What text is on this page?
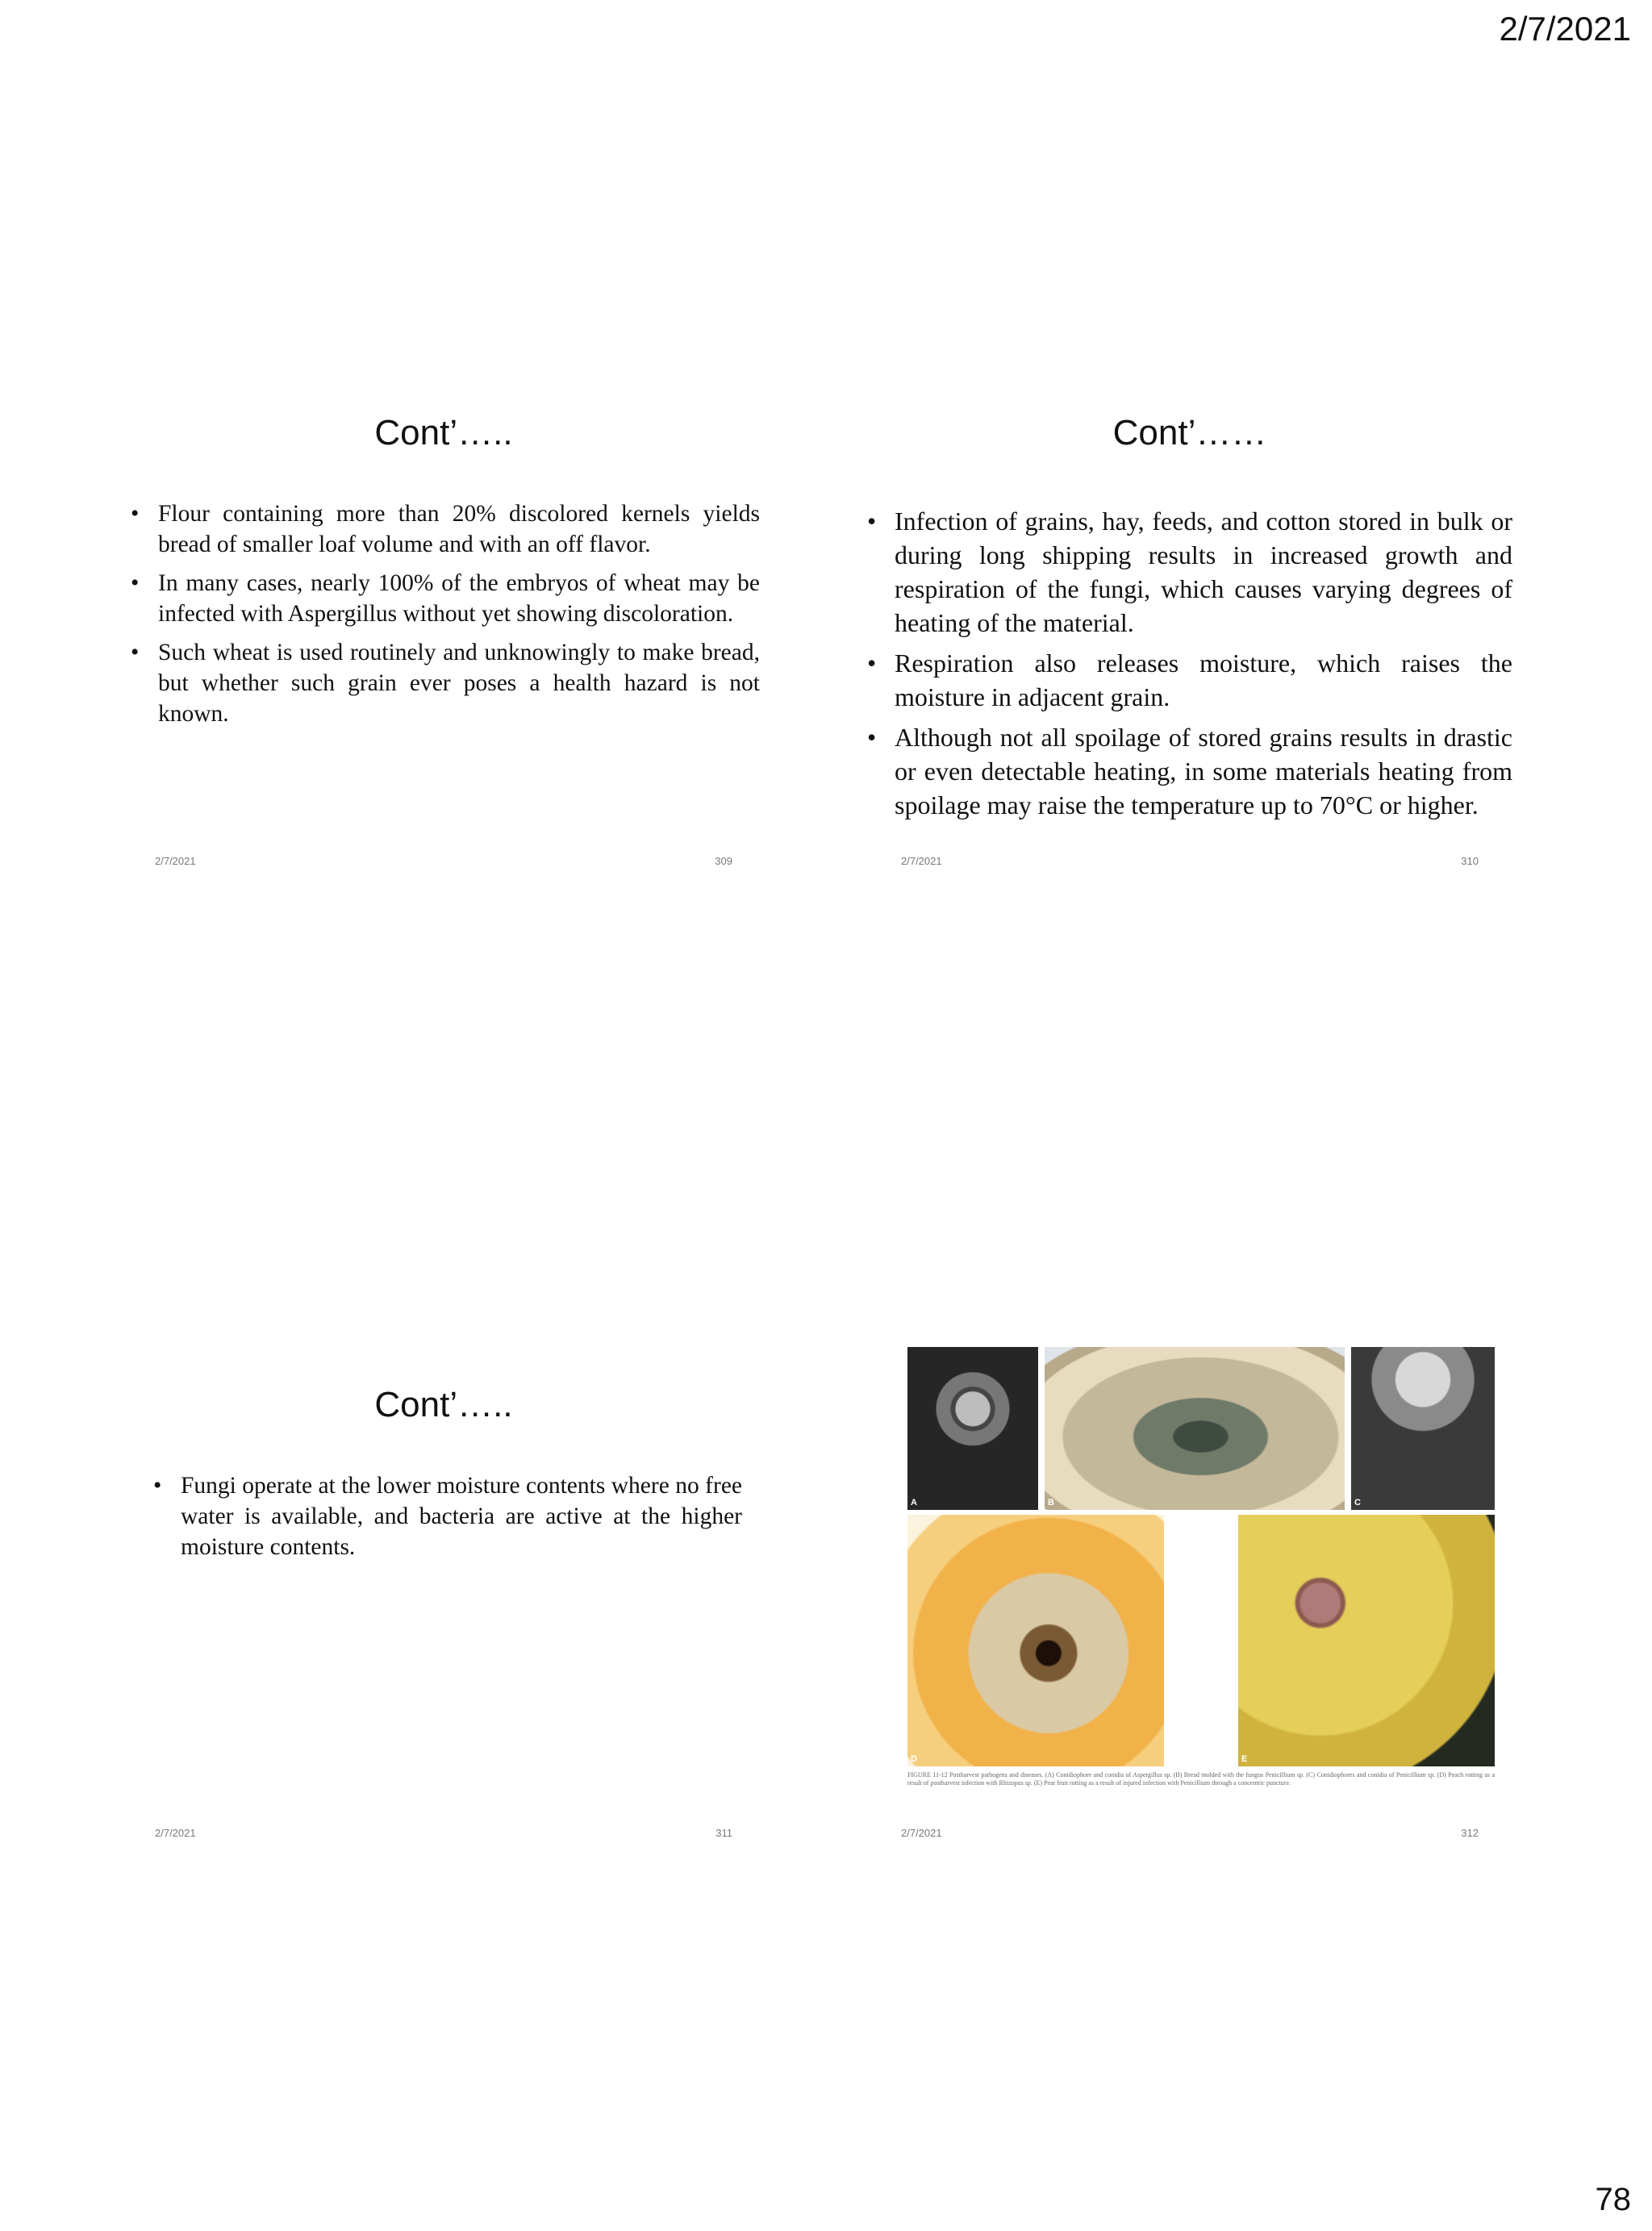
2/7/2021
Cont’…..
• Flour containing more than 20% discolored kernels yields bread of smaller loaf volume and with an off flavor.
• In many cases, nearly 100% of the embryos of wheat may be infected with Aspergillus without yet showing discoloration.
• Such wheat is used routinely and unknowingly to make bread, but whether such grain ever poses a health hazard is not known.
2/7/2021	309
Cont’……
• Infection of grains, hay, feeds, and cotton stored in bulk or during long shipping results in increased growth and respiration of the fungi, which causes varying degrees of heating of the material.
• Respiration also releases moisture, which raises the moisture in adjacent grain.
• Although not all spoilage of stored grains results in drastic or even detectable heating, in some materials heating from spoilage may raise the temperature up to 70°C or higher.
2/7/2021	310
Cont’…..
• Fungi operate at the lower moisture contents where no free water is available, and bacteria are active at the higher moisture contents.
2/7/2021	311
A	B	C
D	E
FIGURE 11-12 Postharvest pathogens and diseases. (A) Conidiophore and conidia of Aspergillus sp. (B) Bread molded with the fungus Penicillium sp. (C) Conidiophores and conidia of Penicillium sp. (D) Peach rotting as a result of postharvest infection with Rhizopus sp. (E) Pear fruit rotting as a result of injured infection with Penicillium through a concentric puncture.
2/7/2021	312
78
